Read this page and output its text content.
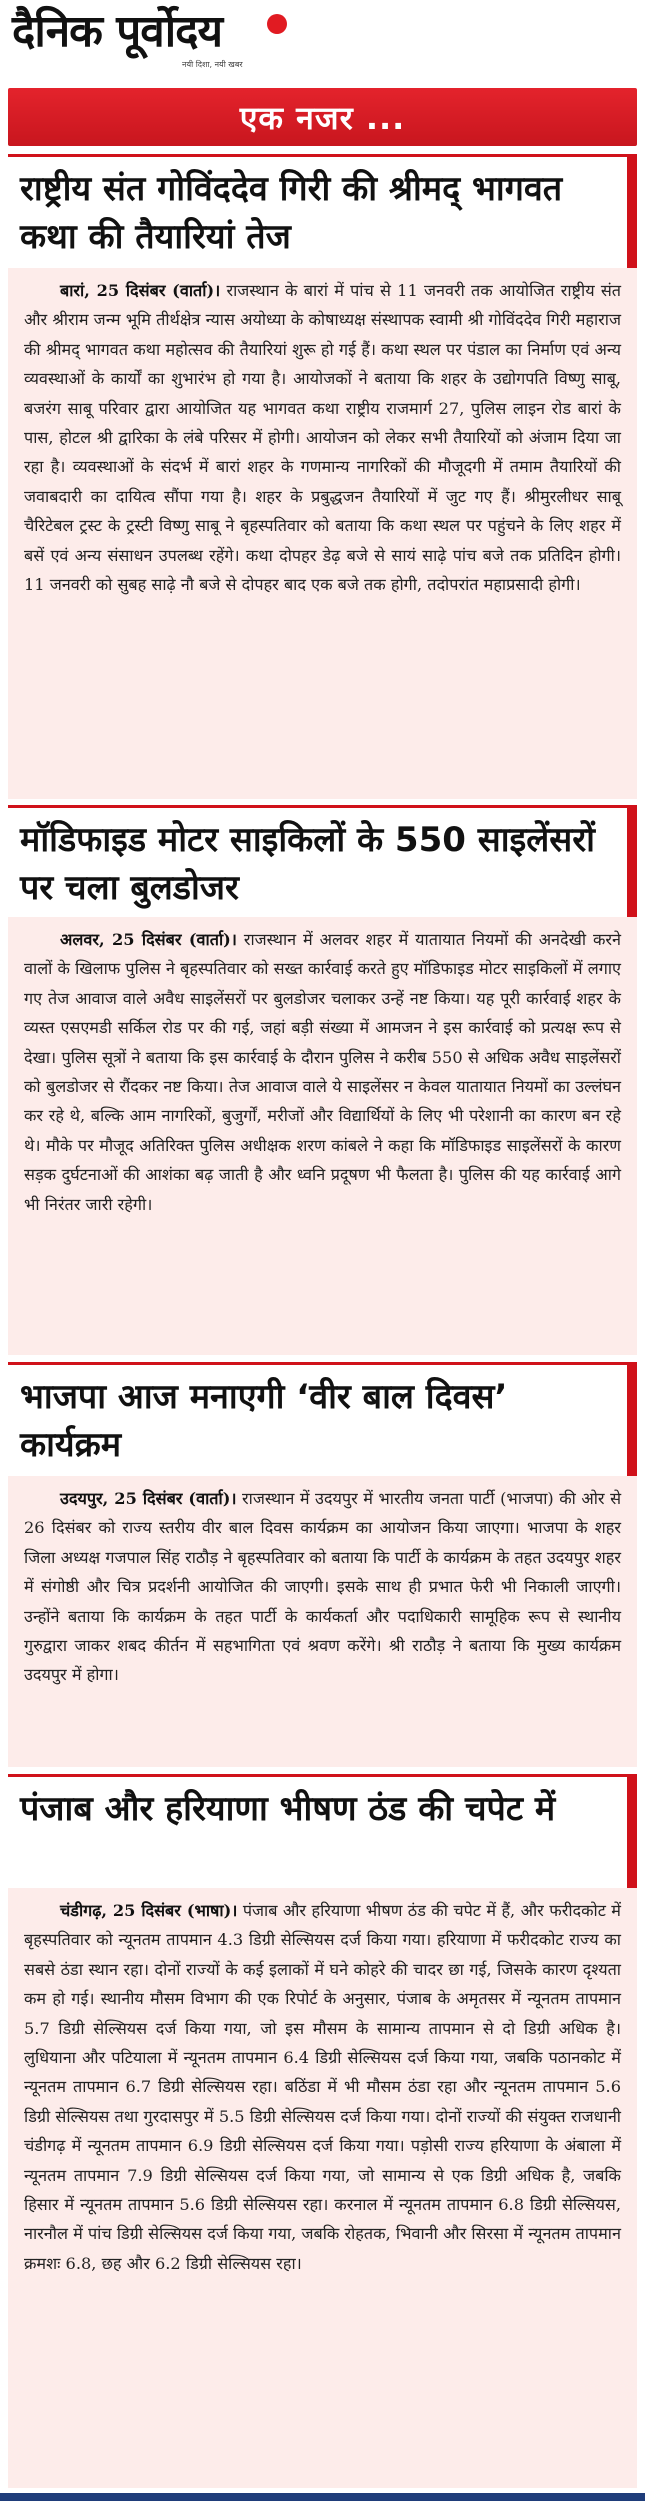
दैनिक पूर्वोदय
नयी दिशा, नयी खबर
एक नजर ...
राष्ट्रीय संत गोविंददेव गिरी की श्रीमद् भागवत कथा की तैयारियां तेज

बारां, 25 दिसंबर (वार्ता)। राजस्थान के बारां में पांच से 11 जनवरी तक आयोजित राष्ट्रीय संत और श्रीराम जन्म भूमि तीर्थक्षेत्र न्यास अयोध्या के कोषाध्यक्ष संस्थापक स्वामी श्री गोविंददेव गिरी महाराज की श्रीमद् भागवत कथा महोत्सव की तैयारियां शुरू हो गई हैं। कथा स्थल पर पंडाल का निर्माण एवं अन्य व्यवस्थाओं के कार्यों का शुभारंभ हो गया है। आयोजकों ने बताया कि शहर के उद्योगपति विष्णु साबू, बजरंग साबू परिवार द्वारा आयोजित यह भागवत कथा राष्ट्रीय राजमार्ग 27, पुलिस लाइन रोड बारां के पास, होटल श्री द्वारिका के लंबे परिसर में होगी। आयोजन को लेकर सभी तैयारियों को अंजाम दिया जा रहा है। व्यवस्थाओं के संदर्भ में बारां शहर के गणमान्य नागरिकों की मौजूदगी में तमाम तैयारियों की जवाबदारी का दायित्व सौंपा गया है। शहर के प्रबुद्धजन तैयारियों में जुट गए हैं। श्रीमुरलीधर साबू चैरिटेबल ट्रस्ट के ट्रस्टी विष्णु साबू ने बृहस्पतिवार को बताया कि कथा स्थल पर पहुंचने के लिए शहर में बसें एवं अन्य संसाधन उपलब्ध रहेंगे। कथा दोपहर डेढ़ बजे से सायं साढ़े पांच बजे तक प्रतिदिन होगी। 11 जनवरी को सुबह साढ़े नौ बजे से दोपहर बाद एक बजे तक होगी, तदोपरांत महाप्रसादी होगी।

मॉडिफाइड मोटर साइकिलों के 550 साइलेंसरों पर चला बुलडोजर

अलवर, 25 दिसंबर (वार्ता)। राजस्थान में अलवर शहर में यातायात नियमों की अनदेखी करने वालों के खिलाफ पुलिस ने बृहस्पतिवार को सख्त कार्रवाई करते हुए मॉडिफाइड मोटर साइकिलों में लगाए गए तेज आवाज वाले अवैध साइलेंसरों पर बुलडोजर चलाकर उन्हें नष्ट किया। यह पूरी कार्रवाई शहर के व्यस्त एसएमडी सर्किल रोड पर की गई, जहां बड़ी संख्या में आमजन ने इस कार्रवाई को प्रत्यक्ष रूप से देखा। पुलिस सूत्रों ने बताया कि इस कार्रवाई के दौरान पुलिस ने करीब 550 से अधिक अवैध साइलेंसरों को बुलडोजर से रौंदकर नष्ट किया। तेज आवाज वाले ये साइलेंसर न केवल यातायात नियमों का उल्लंघन कर रहे थे, बल्कि आम नागरिकों, बुजुर्गों, मरीजों और विद्यार्थियों के लिए भी परेशानी का कारण बन रहे थे। मौके पर मौजूद अतिरिक्त पुलिस अधीक्षक शरण कांबले ने कहा कि मॉडिफाइड साइलेंसरों के कारण सड़क दुर्घटनाओं की आशंका बढ़ जाती है और ध्वनि प्रदूषण भी फैलता है। पुलिस की यह कार्रवाई आगे भी निरंतर जारी रहेगी।

भाजपा आज मनाएगी ‘वीर बाल दिवस’ कार्यक्रम

उदयपुर, 25 दिसंबर (वार्ता)। राजस्थान में उदयपुर में भारतीय जनता पार्टी (भाजपा) की ओर से 26 दिसंबर को राज्य स्तरीय वीर बाल दिवस कार्यक्रम का आयोजन किया जाएगा। भाजपा के शहर जिला अध्यक्ष गजपाल सिंह राठौड़ ने बृहस्पतिवार को बताया कि पार्टी के कार्यक्रम के तहत उदयपुर शहर में संगोष्ठी और चित्र प्रदर्शनी आयोजित की जाएगी। इसके साथ ही प्रभात फेरी भी निकाली जाएगी। उन्होंने बताया कि कार्यक्रम के तहत पार्टी के कार्यकर्ता और पदाधिकारी सामूहिक रूप से स्थानीय गुरुद्वारा जाकर शबद कीर्तन में सहभागिता एवं श्रवण करेंगे। श्री राठौड़ ने बताया कि मुख्य कार्यक्रम उदयपुर में होगा।

पंजाब और हरियाणा भीषण ठंड की चपेट में

चंडीगढ़, 25 दिसंबर (भाषा)। पंजाब और हरियाणा भीषण ठंड की चपेट में हैं, और फरीदकोट में बृहस्पतिवार को न्यूनतम तापमान 4.3 डिग्री सेल्सियस दर्ज किया गया। हरियाणा में फरीदकोट राज्य का सबसे ठंडा स्थान रहा। दोनों राज्यों के कई इलाकों में घने कोहरे की चादर छा गई, जिसके कारण दृश्यता कम हो गई। स्थानीय मौसम विभाग की एक रिपोर्ट के अनुसार, पंजाब के अमृतसर में न्यूनतम तापमान 5.7 डिग्री सेल्सियस दर्ज किया गया, जो इस मौसम के सामान्य तापमान से दो डिग्री अधिक है। लुधियाना और पटियाला में न्यूनतम तापमान 6.4 डिग्री सेल्सियस दर्ज किया गया, जबकि पठानकोट में न्यूनतम तापमान 6.7 डिग्री सेल्सियस रहा। बठिंडा में भी मौसम ठंडा रहा और न्यूनतम तापमान 5.6 डिग्री सेल्सियस तथा गुरदासपुर में 5.5 डिग्री सेल्सियस दर्ज किया गया। दोनों राज्यों की संयुक्त राजधानी चंडीगढ़ में न्यूनतम तापमान 6.9 डिग्री सेल्सियस दर्ज किया गया। पड़ोसी राज्य हरियाणा के अंबाला में न्यूनतम तापमान 7.9 डिग्री सेल्सियस दर्ज किया गया, जो सामान्य से एक डिग्री अधिक है, जबकि हिसार में न्यूनतम तापमान 5.6 डिग्री सेल्सियस रहा। करनाल में न्यूनतम तापमान 6.8 डिग्री सेल्सियस, नारनौल में पांच डिग्री सेल्सियस दर्ज किया गया, जबकि रोहतक, भिवानी और सिरसा में न्यूनतम तापमान क्रमशः 6.8, छह और 6.2 डिग्री सेल्सियस रहा।
